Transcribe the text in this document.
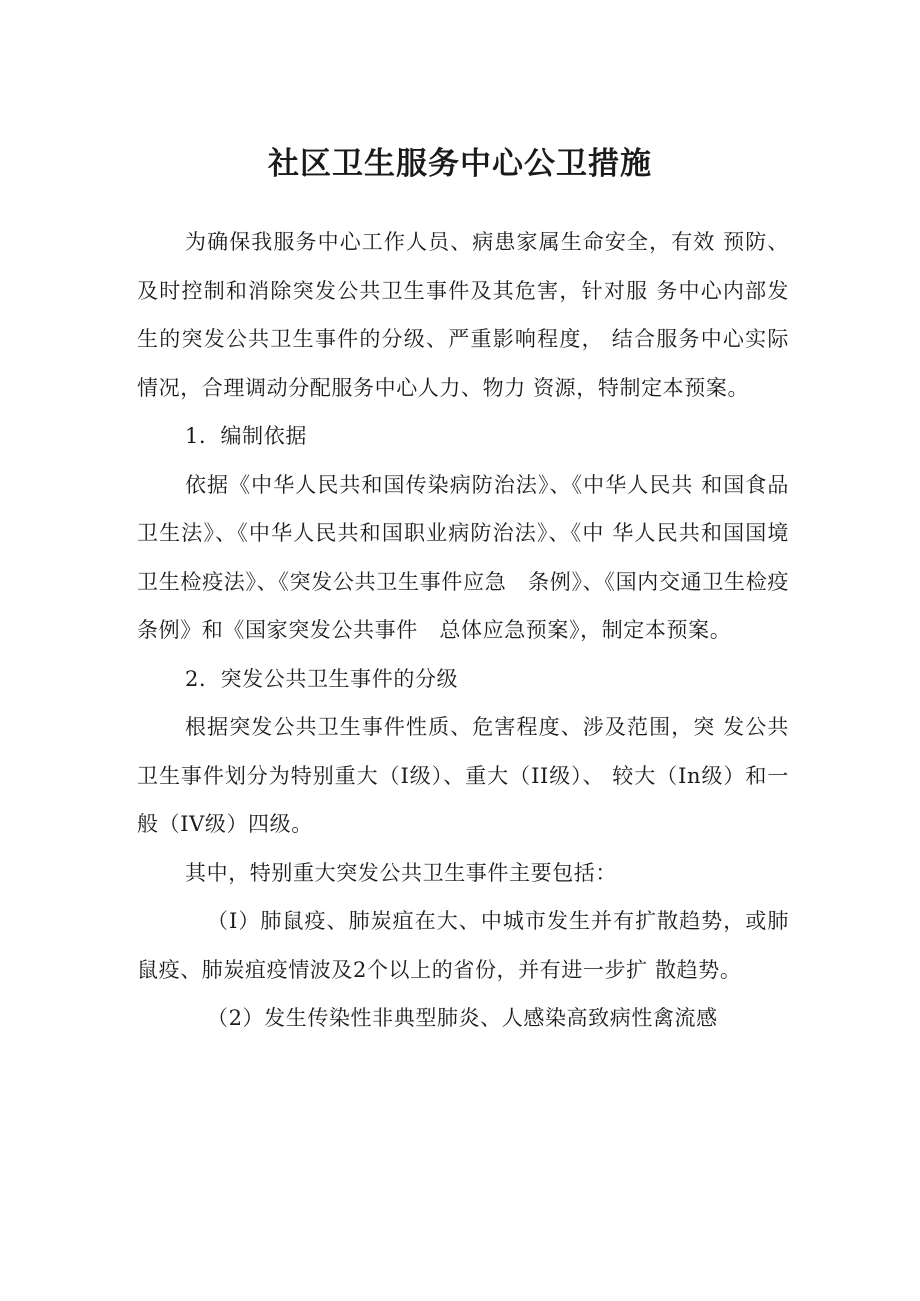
社区卫生服务中心公卫措施

为确保我服务中心工作人员、病患家属生命安全，有效 预防、及时控制和消除突发公共卫生事件及其危害，针对服 务中心内部发生的突发公共卫生事件的分级、严重影响程度， 结合服务中心实际情况，合理调动分配服务中心人力、物力 资源，特制定本预案。

1．编制依据

依据《中华人民共和国传染病防治法》、《中华人民共 和国食品卫生法》、《中华人民共和国职业病防治法》、《中 华人民共和国国境卫生检疫法》、《突发公共卫生事件应急　条例》、《国内交通卫生检疫条例》和《国家突发公共事件　总体应急预案》，制定本预案。

2．突发公共卫生事件的分级

根据突发公共卫生事件性质、危害程度、涉及范围，突 发公共卫生事件划分为特别重大（I级）、重大（II级）、 较大（In级）和一般（IV级）四级。

其中，特别重大突发公共卫生事件主要包括：

（I）肺鼠疫、肺炭疽在大、中城市发生并有扩散趋势，或肺鼠疫、肺炭疽疫情波及2个以上的省份，并有进一步扩 散趋势。

（2）发生传染性非典型肺炎、人感染高致病性禽流感
